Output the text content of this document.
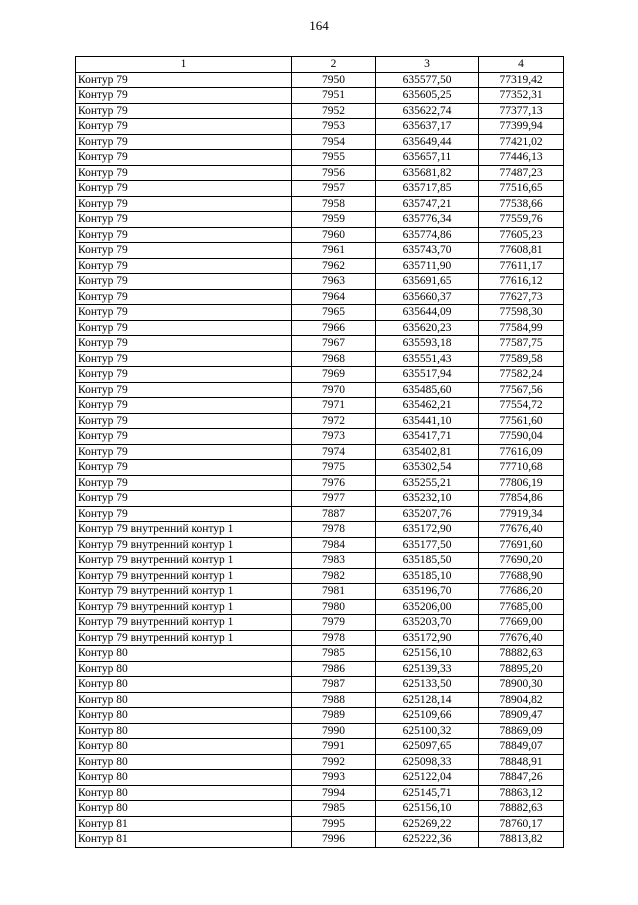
164
1	2	3	4
Контур 79	7950	635577,50	77319,42
Контур 79	7951	635605,25	77352,31
Контур 79	7952	635622,74	77377,13
Контур 79	7953	635637,17	77399,94
Контур 79	7954	635649,44	77421,02
Контур 79	7955	635657,11	77446,13
Контур 79	7956	635681,82	77487,23
Контур 79	7957	635717,85	77516,65
Контур 79	7958	635747,21	77538,66
Контур 79	7959	635776,34	77559,76
Контур 79	7960	635774,86	77605,23
Контур 79	7961	635743,70	77608,81
Контур 79	7962	635711,90	77611,17
Контур 79	7963	635691,65	77616,12
Контур 79	7964	635660,37	77627,73
Контур 79	7965	635644,09	77598,30
Контур 79	7966	635620,23	77584,99
Контур 79	7967	635593,18	77587,75
Контур 79	7968	635551,43	77589,58
Контур 79	7969	635517,94	77582,24
Контур 79	7970	635485,60	77567,56
Контур 79	7971	635462,21	77554,72
Контур 79	7972	635441,10	77561,60
Контур 79	7973	635417,71	77590,04
Контур 79	7974	635402,81	77616,09
Контур 79	7975	635302,54	77710,68
Контур 79	7976	635255,21	77806,19
Контур 79	7977	635232,10	77854,86
Контур 79	7887	635207,76	77919,34
Контур 79 внутренний контур 1	7978	635172,90	77676,40
Контур 79 внутренний контур 1	7984	635177,50	77691,60
Контур 79 внутренний контур 1	7983	635185,50	77690,20
Контур 79 внутренний контур 1	7982	635185,10	77688,90
Контур 79 внутренний контур 1	7981	635196,70	77686,20
Контур 79 внутренний контур 1	7980	635206,00	77685,00
Контур 79 внутренний контур 1	7979	635203,70	77669,00
Контур 79 внутренний контур 1	7978	635172,90	77676,40
Контур 80	7985	625156,10	78882,63
Контур 80	7986	625139,33	78895,20
Контур 80	7987	625133,50	78900,30
Контур 80	7988	625128,14	78904,82
Контур 80	7989	625109,66	78909,47
Контур 80	7990	625100,32	78869,09
Контур 80	7991	625097,65	78849,07
Контур 80	7992	625098,33	78848,91
Контур 80	7993	625122,04	78847,26
Контур 80	7994	625145,71	78863,12
Контур 80	7985	625156,10	78882,63
Контур 81	7995	625269,22	78760,17
Контур 81	7996	625222,36	78813,82
